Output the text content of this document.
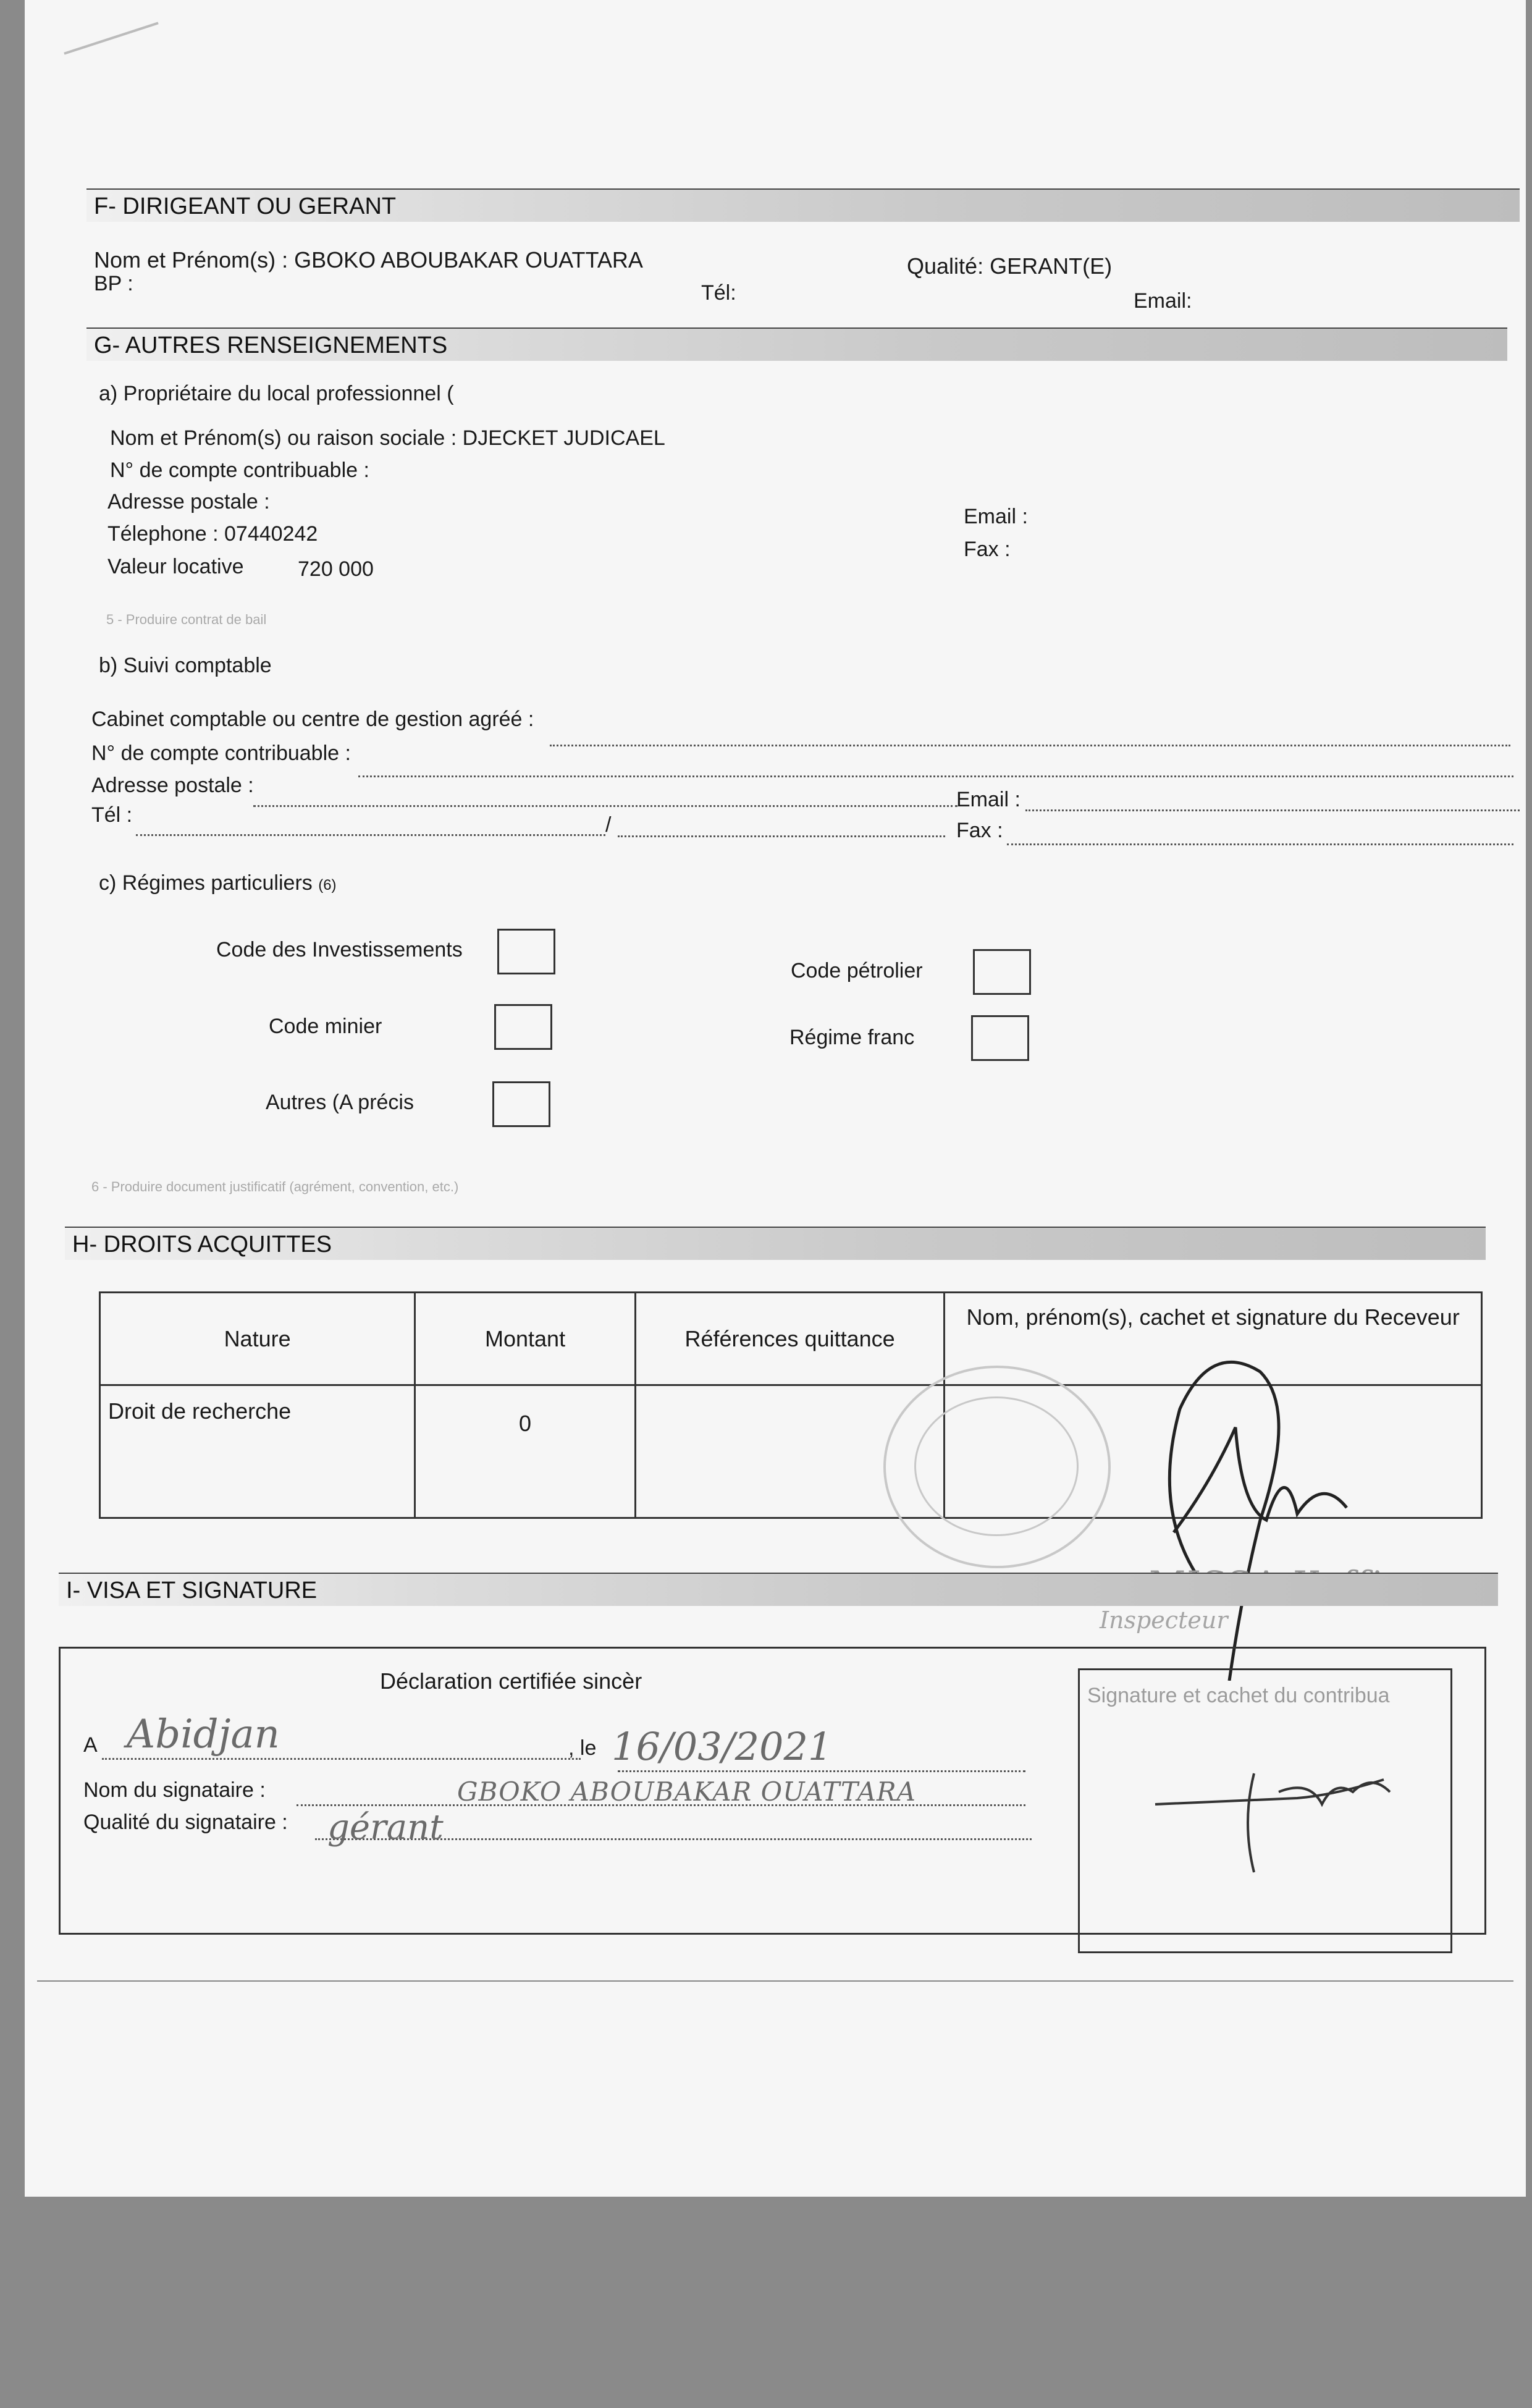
F- DIRIGEANT OU GERANT
Nom et Prénom(s) : GBOKO ABOUBAKAR OUATTARA	Qualité: GERANT(E)
BP :	Tél:	Email:
G- AUTRES RENSEIGNEMENTS
a) Propriétaire du local professionnel (
Nom et Prénom(s) ou raison sociale : DJECKET JUDICAEL
N° de compte contribuable :
Adresse postale :
Télephone : 07440242
Valeur locative	720 000
Email :
Fax :
5 - Produire contrat de bail
b) Suivi comptable
Cabinet comptable ou centre de gestion agréé :
N° de compte contribuable :
Adresse postale :
Email :
Tél :	/	Fax :
c) Régimes particuliers (6)
Code des Investissements
Code pétrolier
Code minier	Régime franc
Autres (A précis
6 - Produire document justificatif (agrément, convention, etc.)
H- DROITS ACQUITTES
Nature	Montant	Références quittance	Nom, prénom(s), cachet et signature du Receveur
Droit de recherche	0		
Inspecteur
I- VISA ET SIGNATURE
Déclaration certifiée sincèr
Signature et cachet du contribua
A	, le
Abidjan	16/03/2021
Nom du signataire :	GBOKO ABOUBAKAR OUATTARA
Qualité du signataire : gérant
